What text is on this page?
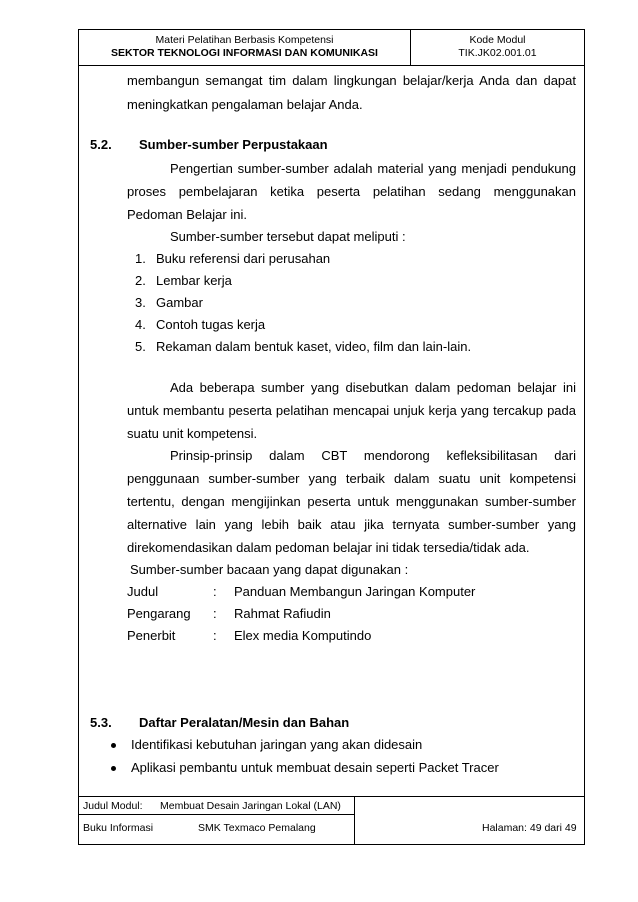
Materi Pelatihan Berbasis Kompetensi
SEKTOR TEKNOLOGI INFORMASI DAN KOMUNIKASI
Kode Modul
TIK.JK02.001.01
membangun semangat tim dalam lingkungan belajar/kerja Anda dan dapat
meningkatkan pengalaman belajar Anda.
5.2. Sumber-sumber Perpustakaan
Pengertian sumber-sumber adalah material yang menjadi pendukung
proses pembelajaran ketika peserta pelatihan sedang menggunakan
Pedoman Belajar ini.
Sumber-sumber tersebut dapat meliputi :
1. Buku referensi dari perusahan
2. Lembar kerja
3. Gambar
4. Contoh tugas kerja
5. Rekaman dalam bentuk kaset, video, film dan lain-lain.
Ada beberapa sumber yang disebutkan dalam pedoman belajar ini
untuk membantu peserta pelatihan mencapai unjuk kerja yang tercakup pada
suatu unit kompetensi.
Prinsip-prinsip dalam CBT mendorong kefleksibilitasan dari
penggunaan sumber-sumber yang terbaik dalam suatu unit kompetensi
tertentu, dengan mengijinkan peserta untuk menggunakan sumber-sumber
alternative lain yang lebih baik atau jika ternyata sumber-sumber yang
direkomendasikan dalam pedoman belajar ini tidak tersedia/tidak ada.
Sumber-sumber bacaan yang dapat digunakan :
Judul	: Panduan Membangun Jaringan Komputer
Pengarang : Rahmat Rafiudin
Penerbit	: Elex media Komputindo
5.3. Daftar Peralatan/Mesin dan Bahan
Identifikasi kebutuhan jaringan yang akan didesain
Aplikasi pembantu untuk membuat desain seperti Packet Tracer
Judul Modul: Membuat Desain Jaringan Lokal (LAN)
Buku Informasi	SMK Texmaco Pemalang	Halaman: 49 dari 49
